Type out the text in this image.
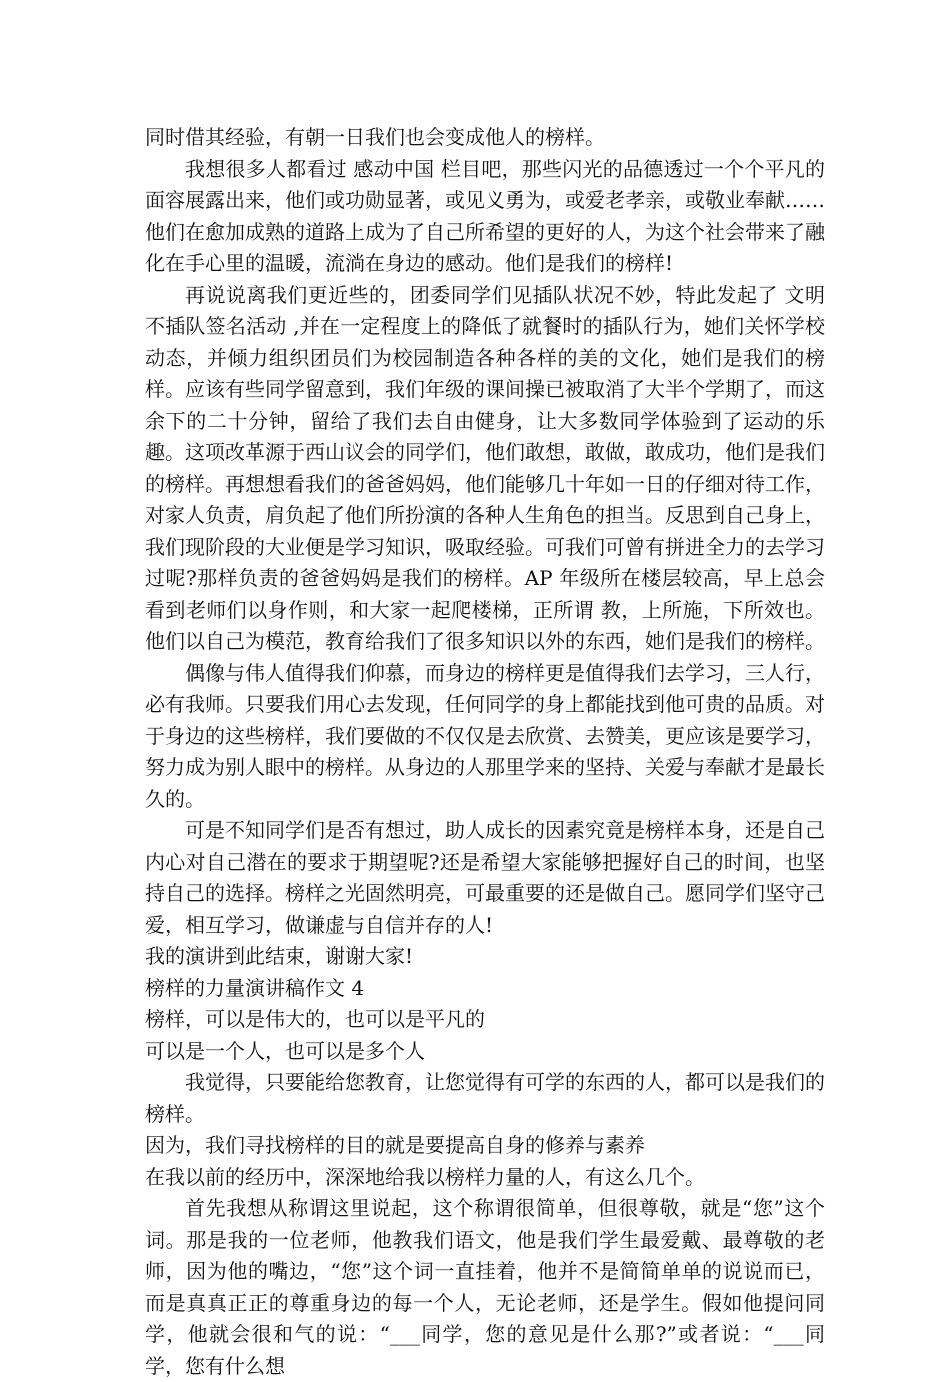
同时借其经验，有朝一日我们也会变成他人的榜样。

我想很多人都看过 感动中国 栏目吧，那些闪光的品德透过一个个平凡的面容展露出来，他们或功勋显著，或见义勇为，或爱老孝亲，或敬业奉献……他们在愈加成熟的道路上成为了自己所希望的更好的人，为这个社会带来了融化在手心里的温暖，流淌在身边的感动。他们是我们的榜样!

再说说离我们更近些的，团委同学们见插队状况不妙，特此发起了 文明不插队签名活动 ,并在一定程度上的降低了就餐时的插队行为，她们关怀学校动态，并倾力组织团员们为校园制造各种各样的美的文化，她们是我们的榜样。应该有些同学留意到，我们年级的课间操已被取消了大半个学期了，而这余下的二十分钟，留给了我们去自由健身，让大多数同学体验到了运动的乐趣。这项改革源于西山议会的同学们，他们敢想，敢做，敢成功，他们是我们的榜样。再想想看我们的爸爸妈妈，他们能够几十年如一日的仔细对待工作，对家人负责，肩负起了他们所扮演的各种人生角色的担当。反思到自己身上，我们现阶段的大业便是学习知识，吸取经验。可我们可曾有拼进全力的去学习过呢?那样负责的爸爸妈妈是我们的榜样。AP 年级所在楼层较高，早上总会看到老师们以身作则，和大家一起爬楼梯，正所谓 教，上所施，下所效也。 他们以自己为模范，教育给我们了很多知识以外的东西，她们是我们的榜样。

偶像与伟人值得我们仰慕，而身边的榜样更是值得我们去学习，三人行，必有我师。只要我们用心去发现，任何同学的身上都能找到他可贵的品质。对于身边的这些榜样，我们要做的不仅仅是去欣赏、去赞美，更应该是要学习，努力成为别人眼中的榜样。从身边的人那里学来的坚持、关爱与奉献才是最长久的。

可是不知同学们是否有想过，助人成长的因素究竟是榜样本身，还是自己内心对自己潜在的要求于期望呢?还是希望大家能够把握好自己的时间，也坚持自己的选择。榜样之光固然明亮，可最重要的还是做自己。愿同学们坚守己爱，相互学习，做谦虚与自信并存的人!

我的演讲到此结束，谢谢大家!

榜样的力量演讲稿作文 4

榜样，可以是伟大的，也可以是平凡的

可以是一个人，也可以是多个人

我觉得，只要能给您教育，让您觉得有可学的东西的人，都可以是我们的榜样。

因为，我们寻找榜样的目的就是要提高自身的修养与素养

在我以前的经历中，深深地给我以榜样力量的人，有这么几个。

首先我想从称谓这里说起，这个称谓很简单，但很尊敬，就是“您”这个词。那是我的一位老师，他教我们语文，他是我们学生最爱戴、最尊敬的老师，因为他的嘴边，“您”这个词一直挂着，他并不是简简单单的说说而已，而是真真正正的尊重身边的每一个人，无论老师，还是学生。假如他提问同学，他就会很和气的说：“___同学，您的意见是什么那?”或者说：“___同学，您有什么想
